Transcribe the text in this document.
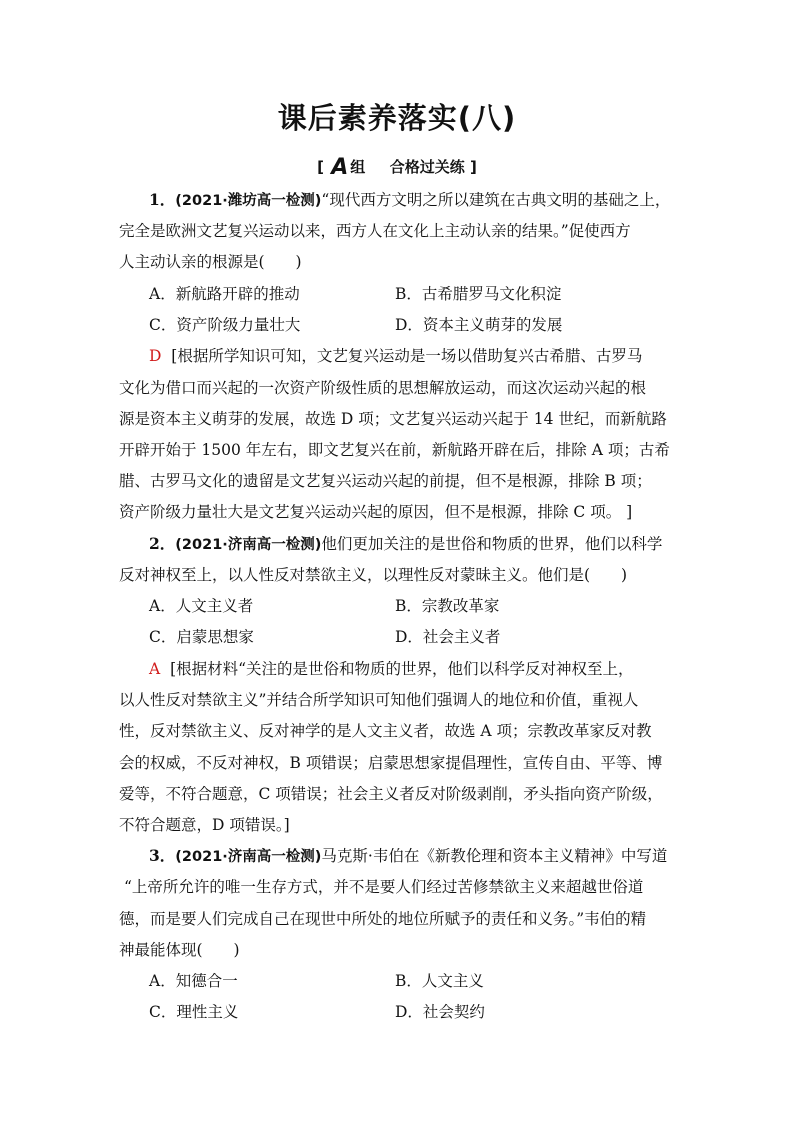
课后素养落实(八)
[ A 组 合格过关练 ]
1．(2021·潍坊高一检测)“现代西方文明之所以建筑在古典文明的基础之上，
完全是欧洲文艺复兴运动以来，西方人在文化上主动认亲的结果。”促使西方
人主动认亲的根源是(　　)
A．新航路开辟的推动	B．古希腊罗马文化积淀
C．资产阶级力量壮大	D．资本主义萌芽的发展
D [根据所学知识可知，文艺复兴运动是一场以借助复兴古希腊、古罗马
文化为借口而兴起的一次资产阶级性质的思想解放运动，而这次运动兴起的根
源是资本主义萌芽的发展，故选 D 项；文艺复兴运动兴起于 14 世纪，而新航路
开辟开始于 1500 年左右，即文艺复兴在前，新航路开辟在后，排除 A 项；古希
腊、古罗马文化的遗留是文艺复兴运动兴起的前提，但不是根源，排除 B 项；
资产阶级力量壮大是文艺复兴运动兴起的原因，但不是根源，排除 C 项。 ]
2．(2021·济南高一检测)他们更加关注的是世俗和物质的世界，他们以科学
反对神权至上，以人性反对禁欲主义，以理性反对蒙昧主义。他们是(　　)
A．人文主义者	B．宗教改革家
C．启蒙思想家	D．社会主义者
A [根据材料“关注的是世俗和物质的世界，他们以科学反对神权至上，
以人性反对禁欲主义”并结合所学知识可知他们强调人的地位和价值，重视人
性，反对禁欲主义、反对神学的是人文主义者，故选 A 项；宗教改革家反对教
会的权威，不反对神权，B 项错误；启蒙思想家提倡理性，宣传自由、平等、博
爱等，不符合题意，C 项错误；社会主义者反对阶级剥削，矛头指向资产阶级，
不符合题意，D 项错误。]
3．(2021·济南高一检测)马克斯·韦伯在《新教伦理和资本主义精神》中写道
“上帝所允许的唯一生存方式，并不是要人们经过苦修禁欲主义来超越世俗道
德，而是要人们完成自己在现世中所处的地位所赋予的责任和义务。”韦伯的精
神最能体现(　　)
A．知德合一	B．人文主义
C．理性主义	D．社会契约
